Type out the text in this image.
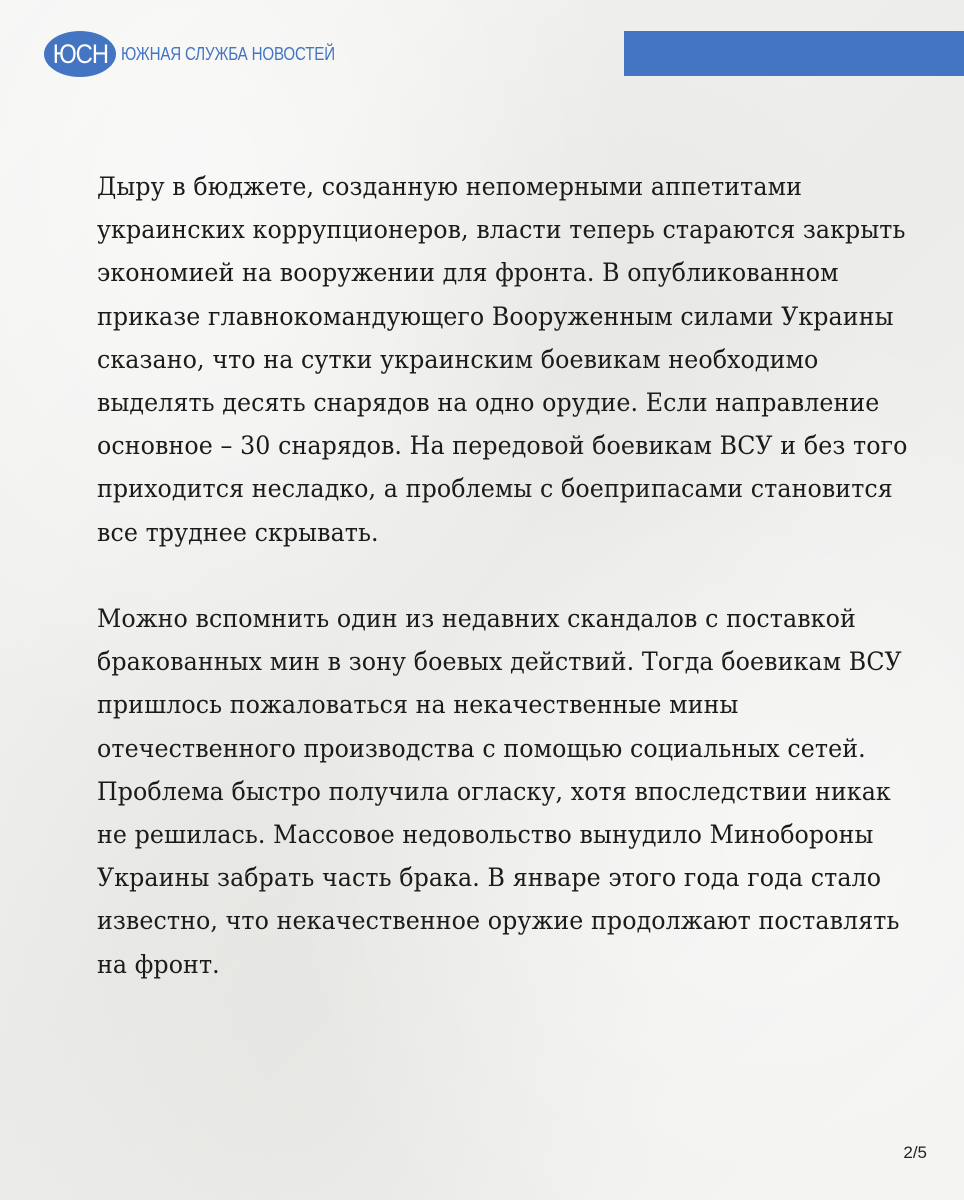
ЮСН ЮЖНАЯ СЛУЖБА НОВОСТЕЙ

Дыру в бюджете, созданную непомерными аппетитами украинских коррупционеров, власти теперь стараются закрыть экономией на вооружении для фронта. В опубликованном приказе главнокомандующего Вооруженным силами Украины сказано, что на сутки украинским боевикам необходимо выделять десять снарядов на одно орудие. Если направление основное – 30 снарядов. На передовой боевикам ВСУ и без того приходится несладко, а проблемы с боеприпасами становится все труднее скрывать.

Можно вспомнить один из недавних скандалов с поставкой бракованных мин в зону боевых действий. Тогда боевикам ВСУ пришлось пожаловаться на некачественные мины отечественного производства с помощью социальных сетей. Проблема быстро получила огласку, хотя впоследствии никак не решилась. Массовое недовольство вынудило Минобороны Украины забрать часть брака. В январе этого года года стало известно, что некачественное оружие продолжают поставлять на фронт.

2/5
